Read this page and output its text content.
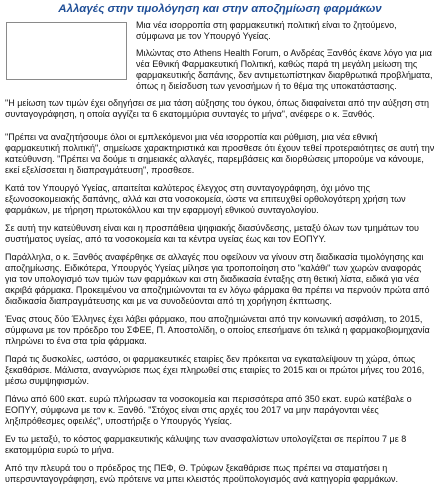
Αλλαγές στην τιμολόγηση και στην αποζημίωση φαρμάκων

Μια νέα ισορροπία στη φαρμακευτική πολιτική είναι το ζητούμενο, σύμφωνα με τον Υπουργό Υγείας.

Μιλώντας στο Athens Health Forum, ο Ανδρέας Ξανθός έκανε λόγο για μια νέα Εθνική Φαρμακευτική Πολιτική, καθώς παρά τη μεγάλη μείωση της φαρμακευτικής δαπάνης, δεν αντιμετωπίστηκαν διαρθρωτικά προβλήματα, όπως η διείσδυση των γενοσήμων ή το θέμα της υποκατάστασης.

"Η μείωση των τιμών έχει οδηγήσει σε μια τάση αύξησης του όγκου, όπως διαφαίνεται από την αύξηση στη συνταγογράφηση, η οποία αγγίζει τα 6 εκατομμύρια συνταγές το μήνα", ανέφερε ο κ. Ξανθός.

"Πρέπει να αναζητήσουμε όλοι οι εμπλεκόμενοι μια νέα ισορροπία και ρύθμιση, μια νέα εθνική φαρμακευτική πολιτική", σημείωσε χαρακτηριστικά και προσθεσε ότι έχουν τεθεί προτεραιότητες σε αυτή την κατεύθυνση. "Πρέπει να δούμε τι σημειακές αλλαγές, παρεμβάσεις και διορθώσεις μπορούμε να κάνουμε, εκεί εξελίσσεται η διαπραγμάτευση", προσθεσε.

Κατά τον Υπουργό Υγείας, απαιτείται καλύτερος έλεγχος στη συνταγογράφηση, όχι μόνο της εξωνοσοκομειακής δαπάνης, αλλά και στα νοσοκομεία, ώστε να επιτευχθεί ορθολογότερη χρήση των φαρμάκων, με τήρηση πρωτοκόλλου και την εφαρμογή εθνικού συνταγολογίου.

Σε αυτή την κατεύθυνση είναι και η προσπάθεια ψηφιακής διασύνδεσης, μεταξύ όλων των τμημάτων του συστήματος υγείας, από τα νοσοκομεία και τα κέντρα υγείας έως και τον ΕΟΠΥΥ.

Παράλληλα, ο κ. Ξανθός αναφέρθηκε σε αλλαγές που οφείλουν να γίνουν στη διαδικασία τιμολόγησης και αποζημίωσης. Ειδικότερα, Υπουργός Υγείας μίλησε για τροποποίηση στο "καλάθι" των χωρών αναφοράς για τον υπολογισμό των τιμών των φαρμάκων και στη διαδικασία ένταξης στη θετική λίστα, ειδικά για νέα ακριβά φάρμακα. Προκειμένου να αποζημιώνονται τα εν λόγω φάρμακα θα πρέπει να περνούν πρώτα από διαδικασία διαπραγμάτευσης και με να συνοδεύονται από τη χορήγηση έκπτωσης.

Ένας στους δύο Έλληνες έχει λάβει φάρμακο, που αποζημιώνεται από την κοινωνική ασφάλιση, το 2015, σύμφωνα με τον πρόεδρο του ΣΦΕΕ, Π. Αποστολίδη, ο οποίος επεσήμανε ότι τελικά η φαρμακοβιομηχανία πληρώνει το ένα στα τρία φάρμακα.

Παρά τις δυσκολίες, ωστόσο, οι φαρμακευτικές εταιρίες δεν πρόκειται να εγκαταλείψουν τη χώρα, όπως ξεκαθάρισε. Μάλιστα, αναγνώρισε πως έχει πληρωθεί στις εταιρίες το 2015 και οι πρώτοι μήνες του 2016, μέσω συμψηφισμών.

Πάνω από 600 εκατ. ευρώ πλήρωσαν τα νοσοκομεία και περισσότερα από 350 εκατ. ευρώ κατέβαλε ο ΕΟΠΥΥ, σύμφωνα με τον κ. Ξανθό. "Στόχος είναι στις αρχές του 2017 να μην παράγονται νέες ληξιπρόθεσμες οφειλές", υποστήριξε ο Υπουργός Υγείας.

Εν τω μεταξύ, το κόστος φαρμακευτικής κάλυψης των ανασφαλίστων υπολογίζεται σε περίπου 7 με 8 εκατομμύρια ευρώ το μήνα.

Από την πλευρά του ο πρόεδρος της ΠΕΦ, Θ. Τρύφων ξεκαθάρισε πως πρέπει να σταματήσει η υπερσυνταγογράφηση, ενώ πρότεινε να μπει κλειστός προϋπολογισμός ανά κατηγορία φαρμάκων.
